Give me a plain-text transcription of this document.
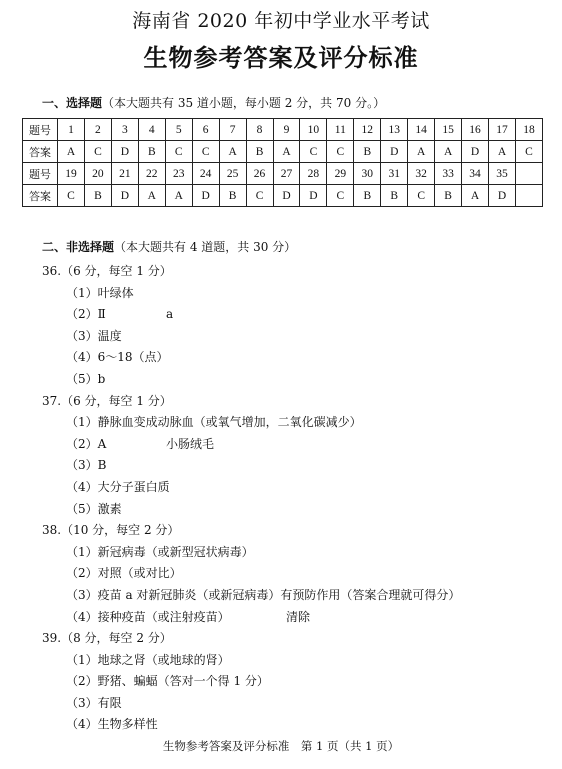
海南省 2020 年初中学业水平考试
生物参考答案及评分标准
一、选择题（本大题共有 35 道小题，每小题 2 分，共 70 分。）
题号	1	2	3	4	5	6	7	8	9	10	11	12	13	14	15	16	17	18
答案	A	C	D	B	C	C	A	B	A	C	C	B	D	A	A	D	A	C
题号	19	20	21	22	23	24	25	26	27	28	29	30	31	32	33	34	35	
答案	C	B	D	A	A	D	B	C	D	D	C	B	B	C	B	A	D	
二、非选择题（本大题共有 4 道题，共 30 分）
36.（6 分，每空 1 分）
（1）叶绿体
（2）Ⅱ	a
（3）温度
（4）6～18（点）
（5）b
37.（6 分，每空 1 分）
（1）静脉血变成动脉血（或氧气增加，二氧化碳减少）
（2）A	小肠绒毛
（3）B
（4）大分子蛋白质
（5）激素
38.（10 分，每空 2 分）
（1）新冠病毒（或新型冠状病毒）
（2）对照（或对比）
（3）疫苗 a 对新冠肺炎（或新冠病毒）有预防作用（答案合理就可得分）
（4）接种疫苗（或注射疫苗）	清除
39.（8 分，每空 2 分）
（1）地球之肾（或地球的肾）
（2）野猪、蝙蝠（答对一个得 1 分）
（3）有限
（4）生物多样性
生物参考答案及评分标准　第 1 页（共 1 页）
